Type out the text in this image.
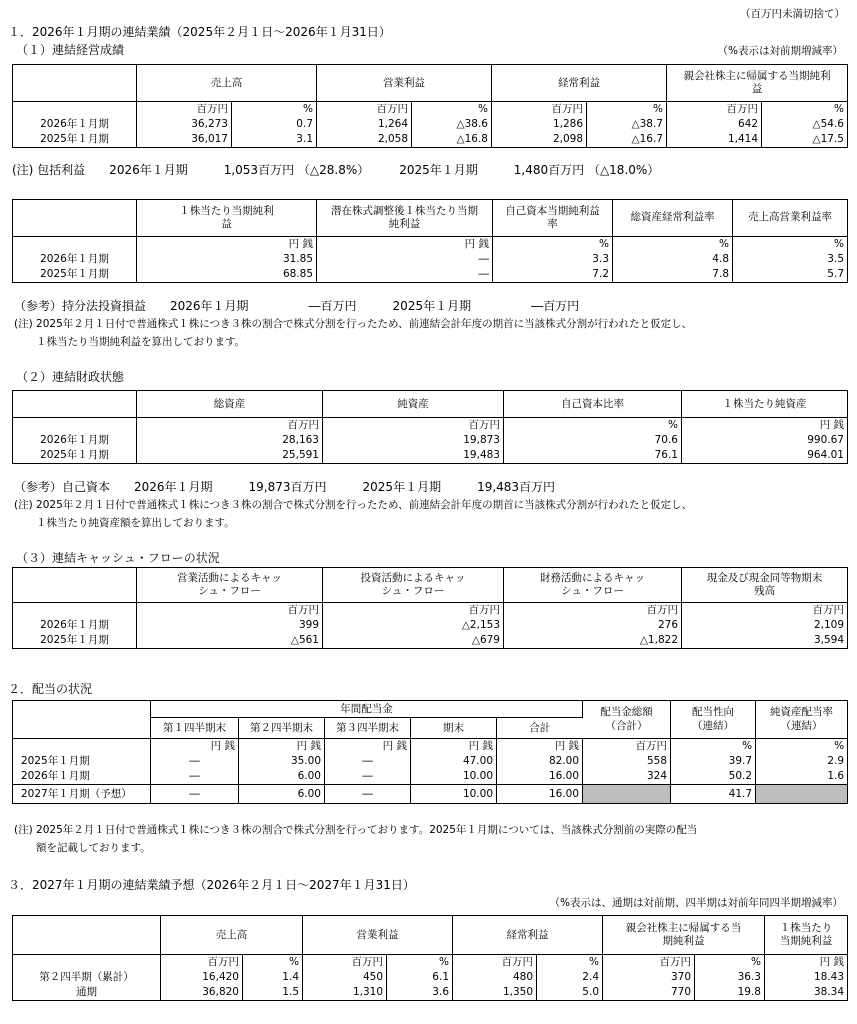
（百万円未満切捨て）
１．2026年１月期の連結業績（2025年２月１日～2026年１月31日）
（１）連結経営成績	（%表示は対前期増減率）
	売上高		営業利益		経常利益		親会社株主に帰属する当期純利益	
	百万円	%	百万円	%	百万円	%	百万円	%
2026年１月期	36,273	0.7	1,264	△38.6	1,286	△38.7	642	△54.6
2025年１月期	36,017	3.1	2,058	△16.8	2,098	△16.7	1,414	△17.5
(注) 包括利益　　2026年１月期　　　1,053百万円 （△28.8%）　　　2025年１月期　　　1,480百万円 （△18.0%）
	１株当たり当期純利益	潜在株式調整後１株当たり当期純利益	自己資本当期純利益率	総資産経常利益率	売上高営業利益率
	円 銭	円 銭	%	%	%
2026年１月期	31.85	―	3.3	4.8	3.5
2025年１月期	68.85	―	7.2	7.8	5.7
（参考）持分法投資損益　　2026年１月期　　　　　―百万円　　　2025年１月期　　　　　―百万円
(注) 2025年２月１日付で普通株式１株につき３株の割合で株式分割を行ったため、前連結会計年度の期首に当該株式分割が行われたと仮定し、
１株当たり当期純利益を算出しております。
（２）連結財政状態
	総資産	純資産	自己資本比率	１株当たり純資産
	百万円	百万円	%	円 銭
2026年１月期	28,163	19,873	70.6	990.67
2025年１月期	25,591	19,483	76.1	964.01
（参考）自己資本　　2026年１月期　　　19,873百万円　　　2025年１月期　　　19,483百万円
(注) 2025年２月１日付で普通株式１株につき３株の割合で株式分割を行ったため、前連結会計年度の期首に当該株式分割が行われたと仮定し、
１株当たり純資産額を算出しております。
（３）連結キャッシュ・フローの状況
	営業活動によるキャッシュ・フロー	投資活動によるキャッシュ・フロー	財務活動によるキャッシュ・フロー	現金及び現金同等物期末残高
	百万円	百万円	百万円	百万円
2026年１月期	399	△2,153	276	2,109
2025年１月期	△561	△679	△1,822	3,594
２．配当の状況
	年間配当金					配当金総額（合計）	配当性向（連結）	純資産配当率（連結）
	第１四半期末	第２四半期末	第３四半期末	期末	合計			
	円 銭	円 銭	円 銭	円 銭	円 銭	百万円	%	%
2025年１月期	―	35.00	―	47.00	82.00	558	39.7	2.9
2026年１月期	―	6.00	―	10.00	16.00	324	50.2	1.6
2027年１月期（予想）	―	6.00	―	10.00	16.00		41.7	
(注) 2025年２月１日付で普通株式１株につき３株の割合で株式分割を行っております。2025年１月期については、当該株式分割前の実際の配当
額を記載しております。
３．2027年１月期の連結業績予想（2026年２月１日～2027年１月31日）
（%表示は、通期は対前期、四半期は対前年同四半期増減率）
	売上高		営業利益		経常利益		親会社株主に帰属する当期純利益		１株当たり当期純利益
	百万円	%	百万円	%	百万円	%	百万円	%	円 銭
第２四半期（累計）	16,420	1.4	450	6.1	480	2.4	370	36.3	18.43
通期	36,820	1.5	1,310	3.6	1,350	5.0	770	19.8	38.34
